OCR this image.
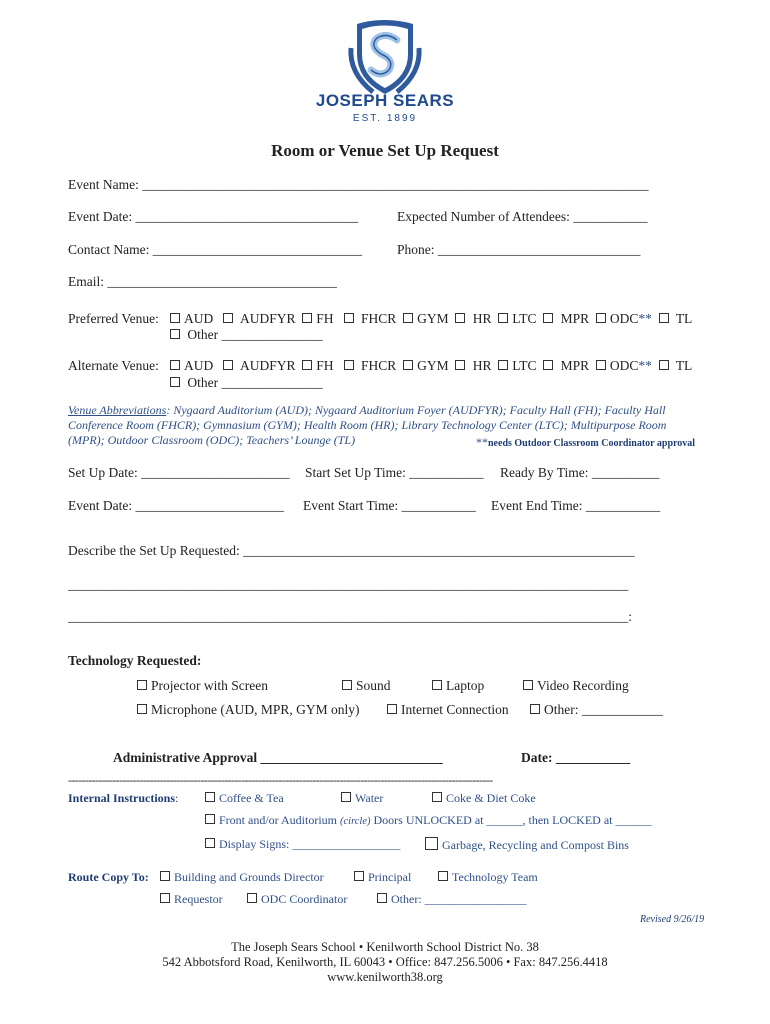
JOSEPH SEARS
EST. 1899
Room or Venue Set Up Request
Event Name: ___________________________________________________________________________
Event Date: _________________________________	Expected Number of Attendees: ___________
Contact Name: _______________________________	Phone: ______________________________
Email: __________________________________
Preferred Venue:	AUD AUDFYR FH FHCR GYM HR LTC MPR ODC** TL
Other _______________
Alternate Venue:	AUD AUDFYR FH FHCR GYM HR LTC MPR ODC** TL
Other _______________
Venue Abbreviations: Nygaard Auditorium (AUD); Nygaard Auditorium Foyer (AUDFYR); Faculty Hall (FH); Faculty Hall
Conference Room (FHCR); Gymnasium (GYM); Health Room (HR); Library Technology Center (LTC); Multipurpose Room
(MPR); Outdoor Classroom (ODC); Teachers’ Lounge (TL)	**needs Outdoor Classroom Coordinator approval
Set Up Date: ______________________ Start Set Up Time: ___________ Ready By Time: __________
Event Date: ______________________ Event Start Time: ___________ Event End Time: ___________
Describe the Set Up Requested: __________________________________________________________
___________________________________________________________________________________
___________________________________________________________________________________:
Technology Requested:
Projector with Screen	Sound	Laptop	Video Recording
Microphone (AUD, MPR, GYM only)	Internet Connection	Other: ____________
Administrative Approval ___________________________	Date: ___________
-----------------------------------------------------------------------------------------------------------------------------
Internal Instructions:	Coffee & Tea	Water	Coke & Diet Coke
Front and/or Auditorium (circle) Doors UNLOCKED at ______, then LOCKED at ______
Display Signs: __________________	Garbage, Recycling and Compost Bins
Route Copy To:	Building and Grounds Director	Principal	Technology Team
Requestor	ODC Coordinator	Other: _________________
Revised 9/26/19
The Joseph Sears School • Kenilworth School District No. 38
542 Abbotsford Road, Kenilworth, IL 60043 • Office: 847.256.5006 • Fax: 847.256.4418
www.kenilworth38.org
